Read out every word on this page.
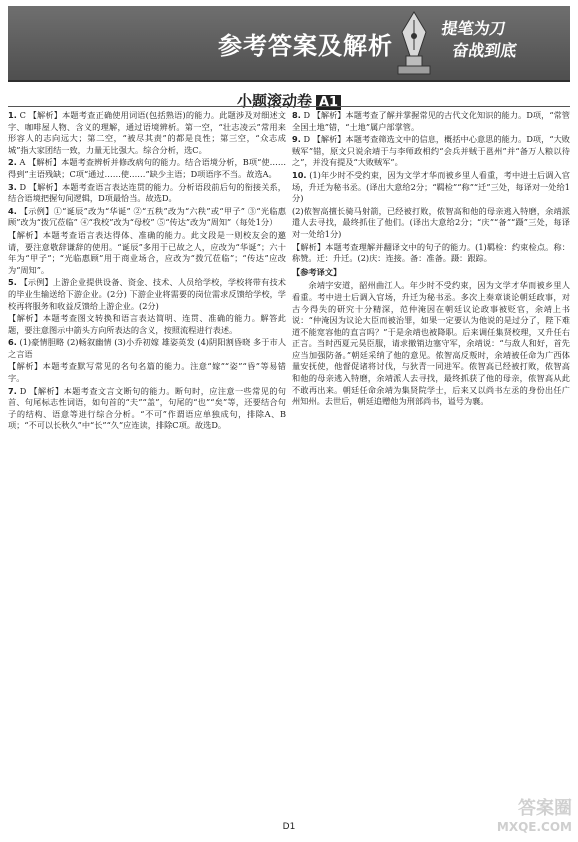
参考答案及解析
提笔为刀
奋战到底
小题滚动卷 A1
1. C 【解析】本题考查正确使用词语(包括熟语)的能力。此题涉及对细述文字、咖啡屋人物、含义的理解，通过语境辨析。第一空，“壮志凌云”常用来形容人的志向远大；第二空，“被尽其责”的都是良性；第三空，“众志成城”指大家团结一致，力量无比强大。综合分析，选C。
2. A 【解析】本题考查辨析并修改病句的能力。结合语境分析，B项“使……得到”主语残缺；C项“通过……使……”缺少主语；D项语序不当。故选A。
3. D 【解析】本题考查语言表达连贯的能力。分析语段前后句的衔接关系，结合语境把握句间逻辑，D项最恰当。故选D。
4. 【示例】①“诞辰”改为“华诞” ②“五秩”改为“六秩”或“甲子” ③“光临惠顾”改为“拨冗莅临” ④“我校”改为“母校” ⑤“传达”改为“周知”（每处1分）
【解析】本题考查语言表达得体、准确的能力。此文段是一则校友会的邀请，要注意敬辞谦辞的使用。“诞辰”多用于已故之人，应改为“华诞”；六十年为“甲子”；“光临惠顾”用于商业场合，应改为“拨冗莅临”；“传达”应改为“周知”。
5. 【示例】上游企业提供设备、资金、技术、人员给学校，学校将带有技术的毕业生输送给下游企业。(2分) 下游企业将需要的岗位需求反馈给学校，学校再将服务和收益反馈给上游企业。(2分)
【解析】本题考查图文转换和语言表达简明、连贯、准确的能力。解答此题，要注意图示中箭头方向所表达的含义，按照流程进行表述。
6. (1)豪情胆略 (2)畅叙幽情 (3)小乔初嫁 雄姿英发 (4)阴阳割昏晓 多于市人之言语
【解析】本题考查默写常见的名句名篇的能力。注意“嫁”“姿”“昏”等易错字。
7. D 【解析】本题考查文言文断句的能力。断句时，应注意一些常见的句首、句尾标志性词语，如句首的“夫”“盖”，句尾的“也”“矣”等，还要结合句子的结构、语意等进行综合分析。“不可”作谓语应单独成句，排除A、B项；“不可以长秋久”中“长”“久”应连读，排除C项。故选D。
8. D 【解析】本题考查了解并掌握常见的古代文化知识的能力。D项，“常管全国土地”错，“土地”属户部掌管。
9. D 【解析】本题考查筛选文中的信息，概括中心意思的能力。D项，“大败贼军”错，原文只说余靖于与李师政相约“会兵并贼于邕州”并“备万人粮以待之”，并没有提及“大败贼军”。
10. (1)年少时不受约束，因为文学才华而被乡里人看重，考中进士后调入官场，升迁为秘书丞。(译出大意给2分；“羁检”“称”“迁”三处，每译对一处给1分)
(2)侬智高擅长骑马射箭，已经被打败，侬智高和他的母亲逃入特磨，余靖派遣人去寻找，最终抓住了他们。(译出大意给2分；“庆”“备”“蹑”三处，每译对一处给1分)
【解析】本题考查理解并翻译文中的句子的能力。(1)羁检：约束检点。称：称赞。迁：升迁。(2)庆：连接。备：准备。蹑：跟踪。
【参考译文】
余靖字安道，韶州曲江人。年少时不受约束，因为文学才华而被乡里人看重。考中进士后调入官场，升迁为秘书丞。多次上奏章谈论朝廷政事，对古今得失的研究十分精深，范仲淹因在朝廷议论政事被贬官，余靖上书说：“仲淹因为议论大臣而被治罪，如果一定要认为他说的是过分了，陛下难道不能宽容他的直言吗？”于是余靖也被降职。后来调任集贤校理，又升任右正言。当时西夏元昊臣服，请求撤销边塞守军，余靖说：“与敌人和好，首先应当加强防备。”朝廷采纳了他的意见。侬智高反叛时，余靖被任命为广西体量安抚使，他督促诸将讨伐，与狄青一同进军。侬智高已经被打败，侬智高和他的母亲逃入特磨，余靖派人去寻找，最终抓获了他的母亲，侬智高从此不敢再出来。朝廷任命余靖为集贤院学士，后来又以尚书左丞的身份出任广州知州。去世后，朝廷追赠他为刑部尚书，谥号为襄。
D1
答案圈
MXQE.COM
